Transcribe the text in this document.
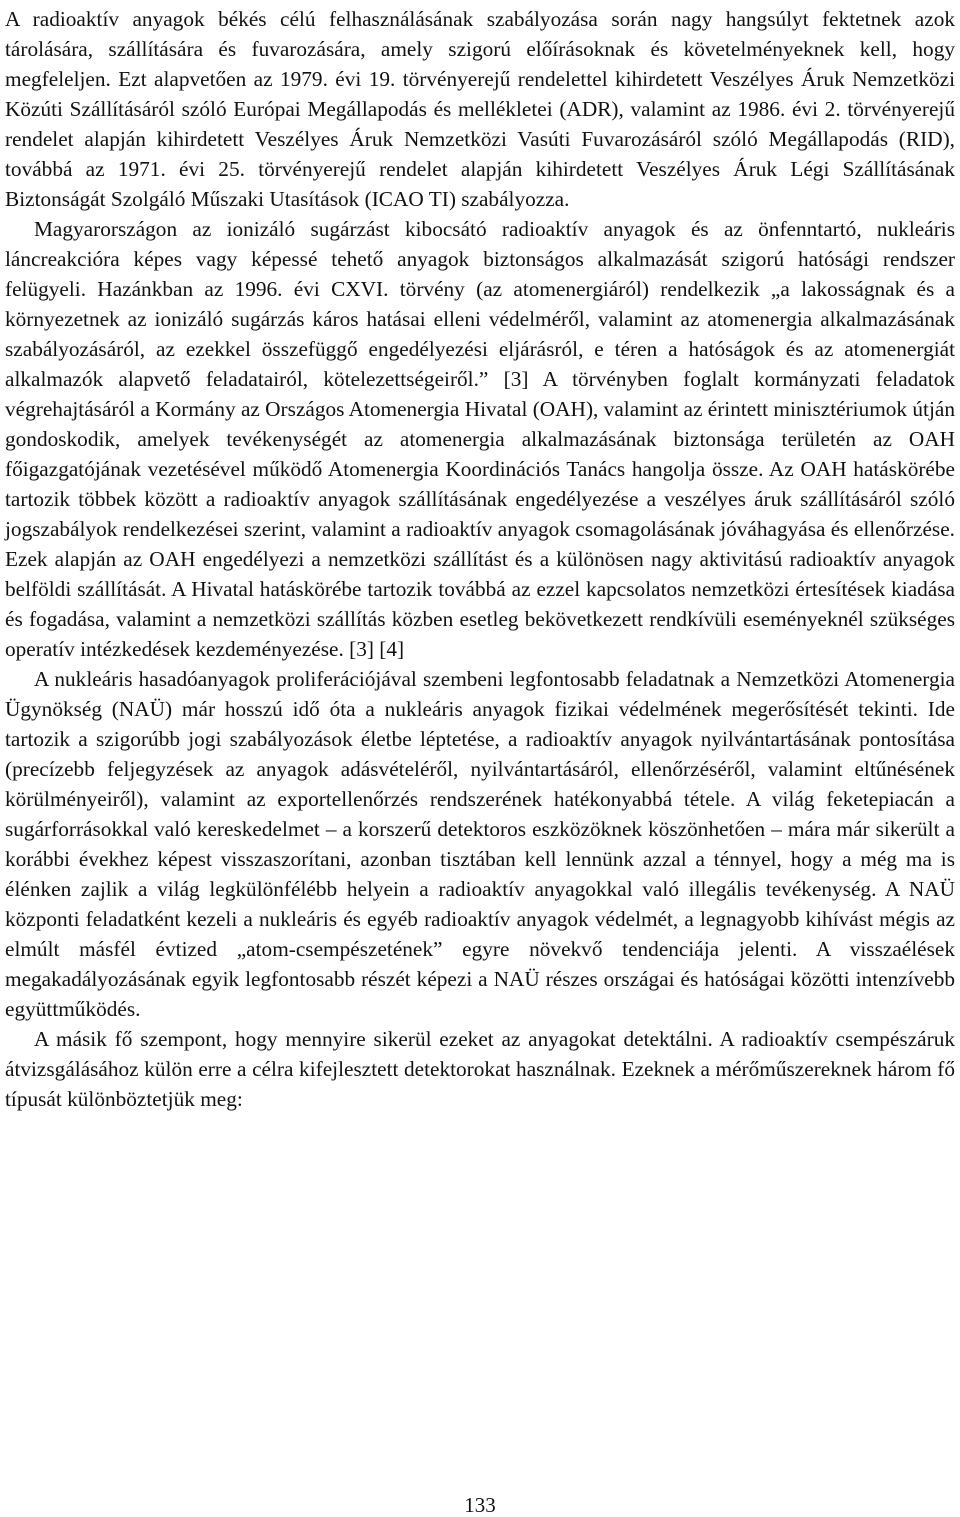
A radioaktív anyagok békés célú felhasználásának szabályozása során nagy hangsúlyt fektetnek azok tárolására, szállítására és fuvarozására, amely szigorú előírásoknak és követelményeknek kell, hogy megfeleljen. Ezt alapvetően az 1979. évi 19. törvényerejű rendelettel kihirdetett Veszélyes Áruk Nemzetközi Közúti Szállításáról szóló Európai Megállapodás és mellékletei (ADR), valamint az 1986. évi 2. törvényerejű rendelet alapján kihirdetett Veszélyes Áruk Nemzetközi Vasúti Fuvarozásáról szóló Megállapodás (RID), továbbá az 1971. évi 25. törvényerejű rendelet alapján kihirdetett Veszélyes Áruk Légi Szállításának Biztonságát Szolgáló Műszaki Utasítások (ICAO TI) szabályozza.

Magyarországon az ionizáló sugárzást kibocsátó radioaktív anyagok és az önfenntartó, nukleáris láncreakcióra képes vagy képessé tehető anyagok biztonságos alkalmazását szigorú hatósági rendszer felügyeli. Hazánkban az 1996. évi CXVI. törvény (az atomenergiáról) rendelkezik „a lakosságnak és a környezetnek az ionizáló sugárzás káros hatásai elleni védelméről, valamint az atomenergia alkalmazásának szabályozásáról, az ezekkel összefüggő engedélyezési eljárásról, e téren a hatóságok és az atomenergiát alkalmazók alapvető feladatairól, kötelezettségeiről.” [3] A törvényben foglalt kormányzati feladatok végrehajtásáról a Kormány az Országos Atomenergia Hivatal (OAH), valamint az érintett minisztériumok útján gondoskodik, amelyek tevékenységét az atomenergia alkalmazásának biztonsága területén az OAH főigazgatójának vezetésével működő Atomenergia Koordinációs Tanács hangolja össze. Az OAH hatáskörébe tartozik többek között a radioaktív anyagok szállításának engedélyezése a veszélyes áruk szállításáról szóló jogszabályok rendelkezései szerint, valamint a radioaktív anyagok csomagolásának jóváhagyása és ellenőrzése. Ezek alapján az OAH engedélyezi a nemzetközi szállítást és a különösen nagy aktivitású radioaktív anyagok belföldi szállítását. A Hivatal hatáskörébe tartozik továbbá az ezzel kapcsolatos nemzetközi értesítések kiadása és fogadása, valamint a nemzetközi szállítás közben esetleg bekövetkezett rendkívüli eseményeknél szükséges operatív intézkedések kezdeményezése. [3] [4]

A nukleáris hasadóanyagok proliferációjával szembeni legfontosabb feladatnak a Nemzetközi Atomenergia Ügynökség (NAÜ) már hosszú idő óta a nukleáris anyagok fizikai védelmének megerősítését tekinti. Ide tartozik a szigorúbb jogi szabályozások életbe léptetése, a radioaktív anyagok nyilvántartásának pontosítása (precízebb feljegyzések az anyagok adásvételéről, nyilvántartásáról, ellenőrzéséről, valamint eltűnésének körülményeiről), valamint az exportellenőrzés rendszerének hatékonyabbá tétele. A világ feketepiacán a sugárforrásokkal való kereskedelmet – a korszerű detektoros eszközöknek köszönhetően – mára már sikerült a korábbi évekhez képest visszaszorítani, azonban tisztában kell lennünk azzal a ténnyel, hogy a még ma is élénken zajlik a világ legkülönfélébb helyein a radioaktív anyagokkal való illegális tevékenység. A NAÜ központi feladatként kezeli a nukleáris és egyéb radioaktív anyagok védelmét, a legnagyobb kihívást mégis az elmúlt másfél évtized „atom-csempészetének” egyre növekvő tendenciája jelenti. A visszaélések megakadályozásának egyik legfontosabb részét képezi a NAÜ részes országai és hatóságai közötti intenzívebb együttműködés.

A másik fő szempont, hogy mennyire sikerül ezeket az anyagokat detektálni. A radioaktív csempészáruk átvizsgálásához külön erre a célra kifejlesztett detektorokat használnak. Ezeknek a mérőműszereknek három fő típusát különböztetjük meg:

133
